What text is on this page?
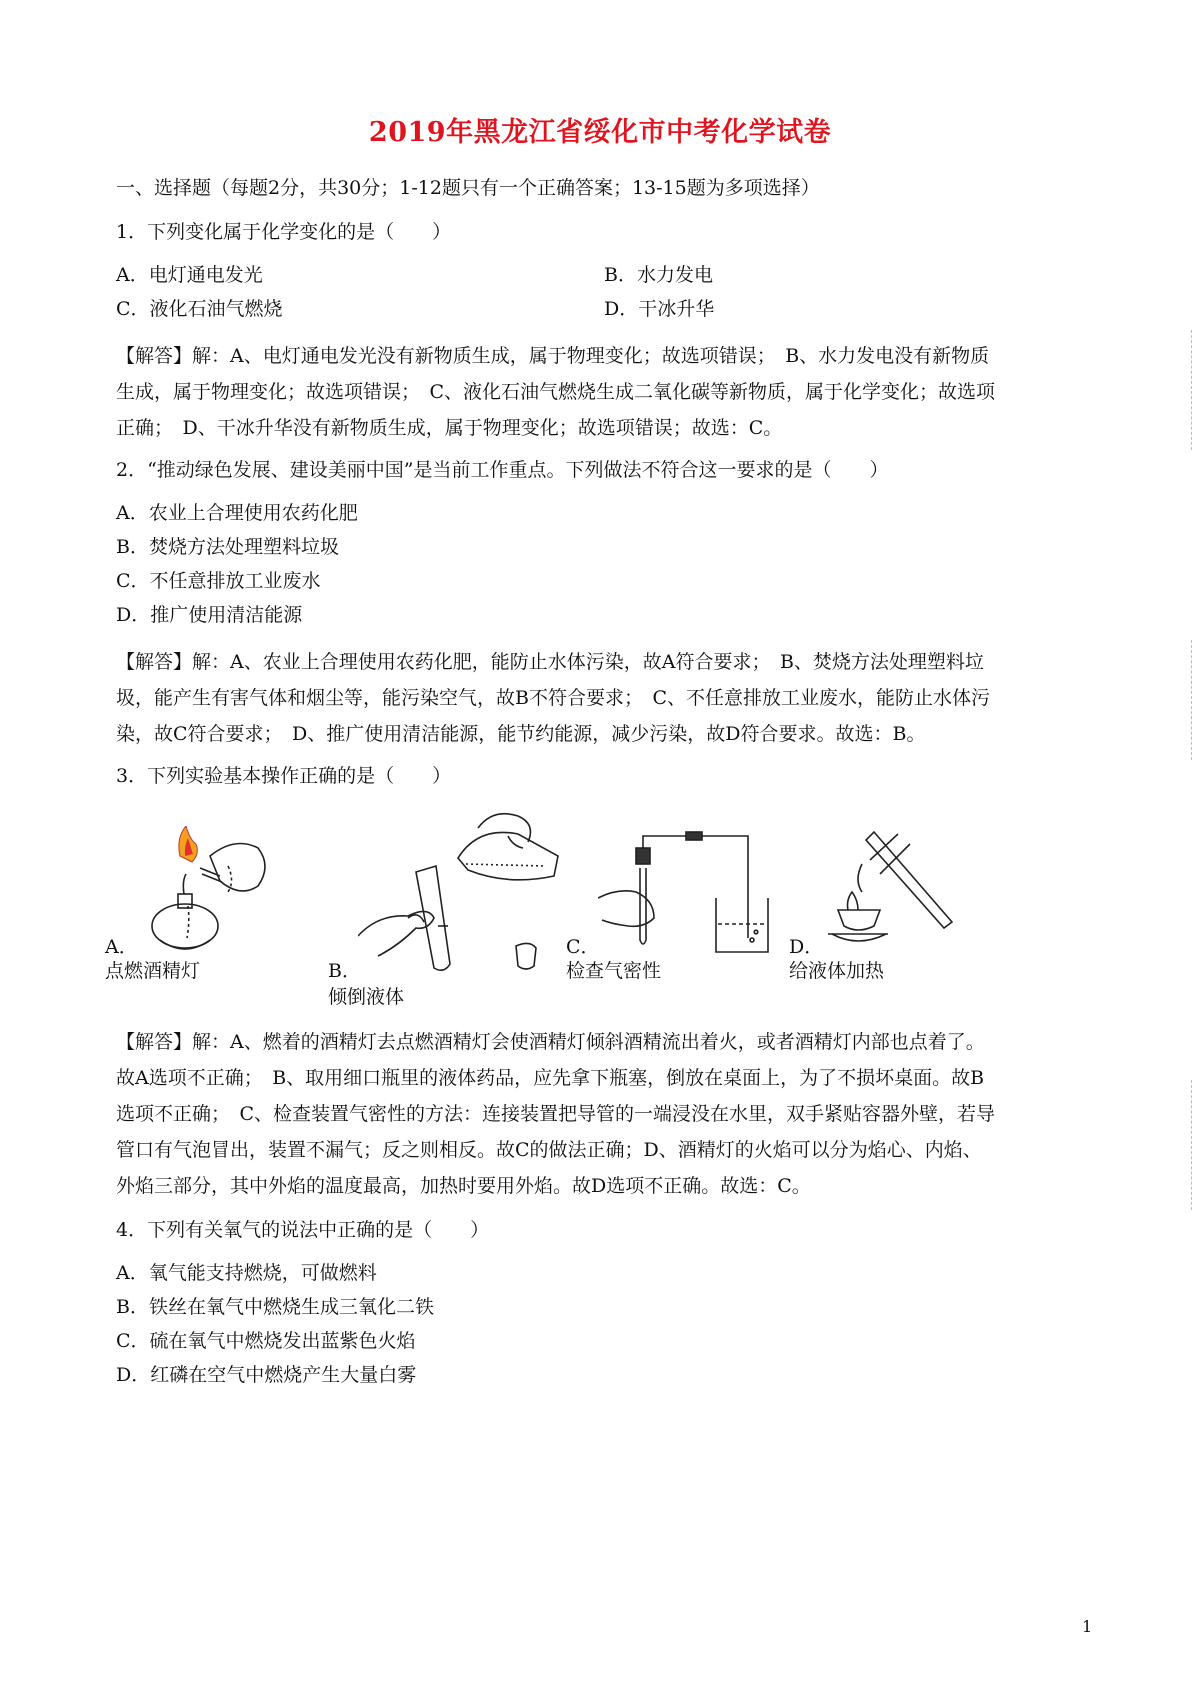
2019年黑龙江省绥化市中考化学试卷
一、选择题（每题2分，共30分；1-12题只有一个正确答案；13-15题为多项选择）
1．下列变化属于化学变化的是（　　）
A．电灯通电发光	B．水力发电
C．液化石油气燃烧	D．干冰升华

【解答】解：A、电灯通电发光没有新物质生成，属于物理变化；故选项错误；　B、水力发电没有新物质

生成，属于物理变化；故选项错误；　C、液化石油气燃烧生成二氧化碳等新物质，属于化学变化；故选项

正确；　D、干冰升华没有新物质生成，属于物理变化；故选项错误；故选：C。

2．“推动绿色发展、建设美丽中国”是当前工作重点。下列做法不符合这一要求的是（　　）
A．农业上合理使用农药化肥
B．焚烧方法处理塑料垃圾
C．不任意排放工业废水
D．推广使用清洁能源

【解答】解：A、农业上合理使用农药化肥，能防止水体污染，故A符合要求；　B、焚烧方法处理塑料垃

圾，能产生有害气体和烟尘等，能污染空气，故B不符合要求；　C、不任意排放工业废水，能防止水体污

染，故C符合要求；　D、推广使用清洁能源，能节约能源，减少污染，故D符合要求。故选：B。

3．下列实验基本操作正确的是（　　）
A．
点燃酒精灯	B．
倾倒液体
C．
检查气密性
D．
给液体加热

【解答】解：A、燃着的酒精灯去点燃酒精灯会使酒精灯倾斜酒精流出着火，或者酒精灯内部也点着了。

故A选项不正确；　B、取用细口瓶里的液体药品，应先拿下瓶塞，倒放在桌面上，为了不损坏桌面。故B

选项不正确；　C、检查装置气密性的方法：连接装置把导管的一端浸没在水里，双手紧贴容器外壁，若导

管口有气泡冒出，装置不漏气；反之则相反。故C的做法正确；D、酒精灯的火焰可以分为焰心、内焰、

外焰三部分，其中外焰的温度最高，加热时要用外焰。故D选项不正确。故选：C。

4．下列有关氧气的说法中正确的是（　　）
A．氧气能支持燃烧，可做燃料
B．铁丝在氧气中燃烧生成三氧化二铁
C．硫在氧气中燃烧发出蓝紫色火焰
D．红磷在空气中燃烧产生大量白雾
1
